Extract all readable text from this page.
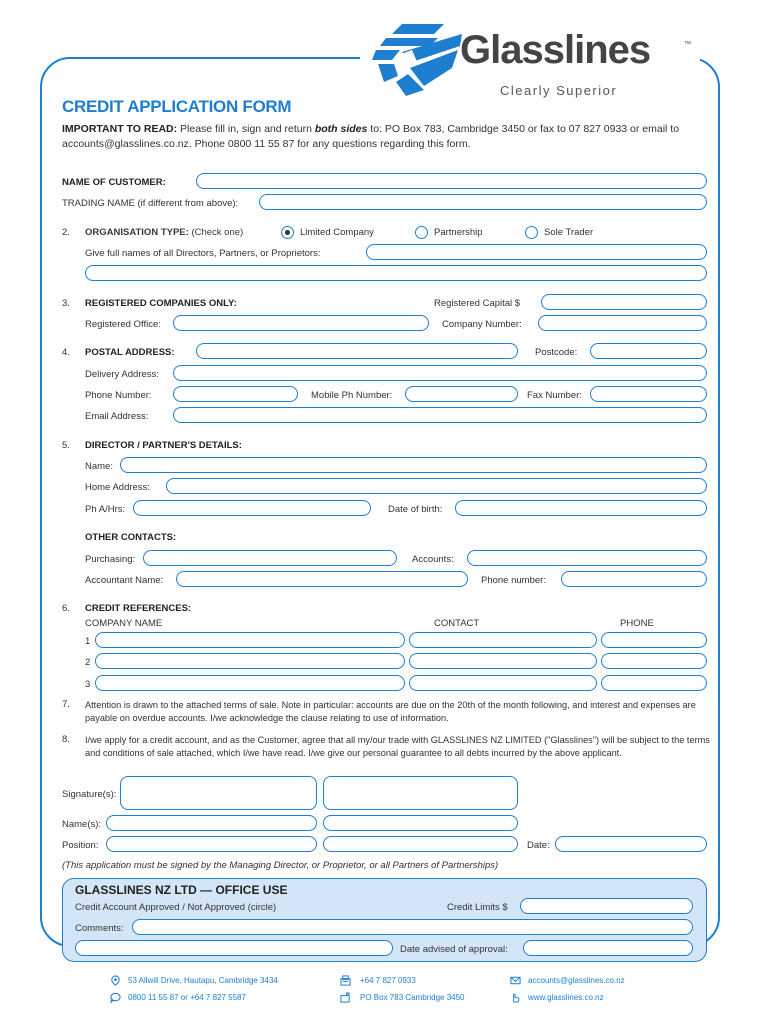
Glasslines	™
Clearly Superior
CREDIT APPLICATION FORM
IMPORTANT TO READ: Please fill in, sign and return both sides to: PO Box 783, Cambridge 3450 or fax to 07 827 0933 or email to accounts@glasslines.co.nz. Phone 0800 11 55 87 for any questions regarding this form.
NAME OF CUSTOMER:
TRADING NAME (if different from above):
2. ORGANISATION TYPE: (Check one)	Limited Company	Partnership	Sole Trader
Give full names of all Directors, Partners, or Proprietors:
3. REGISTERED COMPANIES ONLY:	Registered Capital $
Registered Office:	Company Number:
4. POSTAL ADDRESS:	Postcode:
Delivery Address:
Phone Number:	Mobile Ph Number:	Fax Number:
Email Address:
5. DIRECTOR / PARTNER'S DETAILS:
Name:
Home Address:
Ph A/Hrs:	Date of birth:
OTHER CONTACTS:
Purchasing:	Accounts:
Accountant Name:	Phone number:
6. CREDIT REFERENCES:
COMPANY NAME	CONTACT	PHONE
1
2
3
7. Attention is drawn to the attached terms of sale. Note in particular: accounts are due on the 20th of the month following, and interest and expenses are payable on overdue accounts. I/we acknowledge the clause relating to use of information.
8. I/we apply for a credit account, and as the Customer, agree that all my/our trade with GLASSLINES NZ LIMITED ("Glasslines") will be subject to the terms and conditions of sale attached, which I/we have read. I/we give our personal guarantee to all debts incurred by the above applicant.
Signature(s):
Name(s):
Position:	Date:
(This application must be signed by the Managing Director, or Proprietor, or all Partners of Partnerships)
GLASSLINES NZ LTD — OFFICE USE
Credit Account Approved / Not Approved (circle)	Credit Limits $
Comments:
Date advised of approval:
53 Allwill Drive, Hautapu, Cambridge 3434
0800 11 55 87 or +64 7 827 5587
+64 7 827 0933
PO Box 783 Cambridge 3450
accounts@glasslines.co.nz
www.glasslines.co.nz
